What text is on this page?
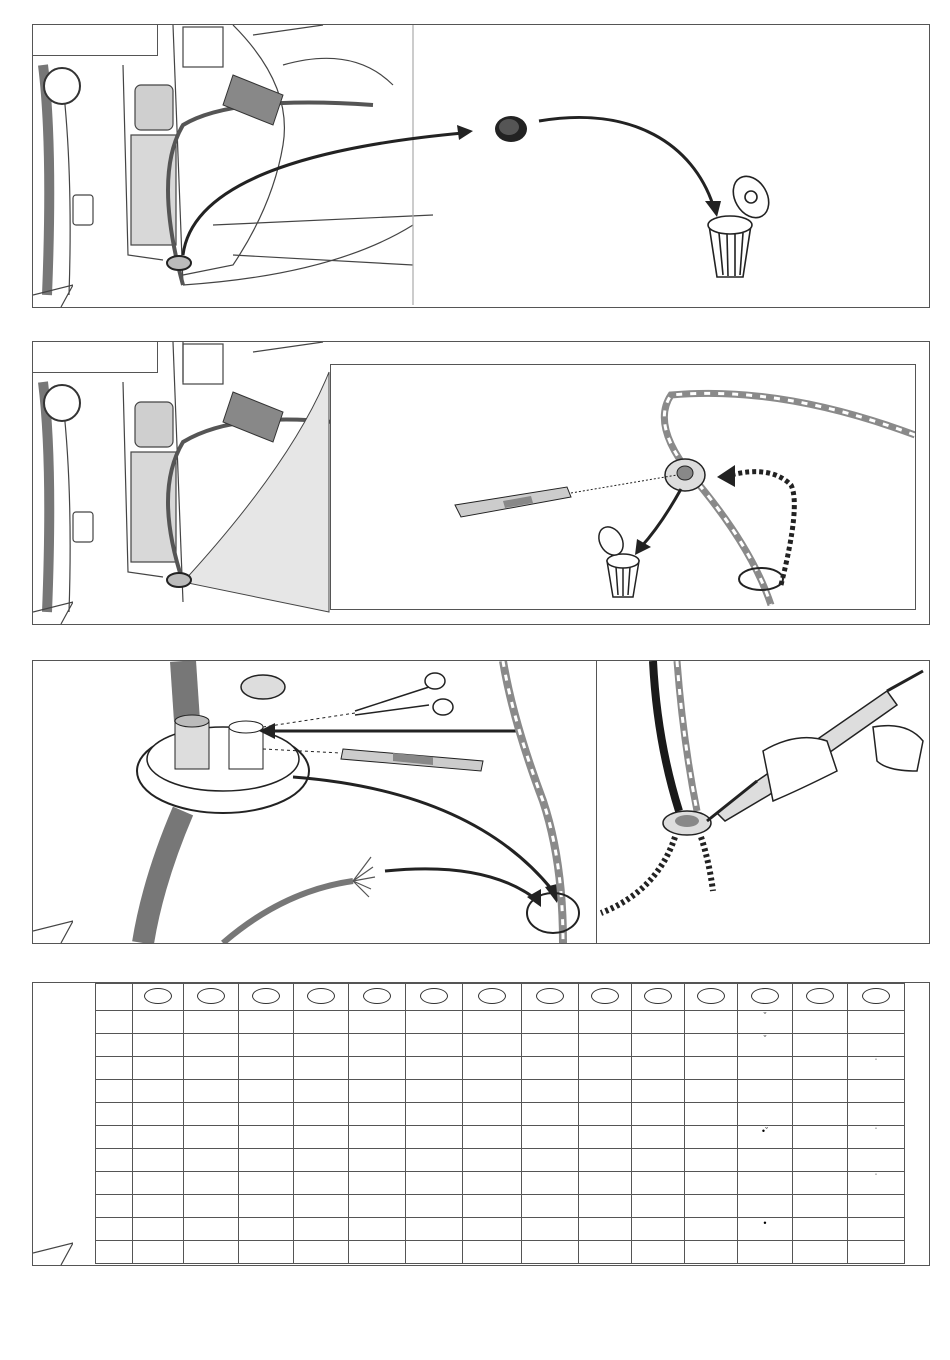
												ˇ		
												ˇ		
														ˈ

												•ˇ		ˈ

														ˈ

												•		
